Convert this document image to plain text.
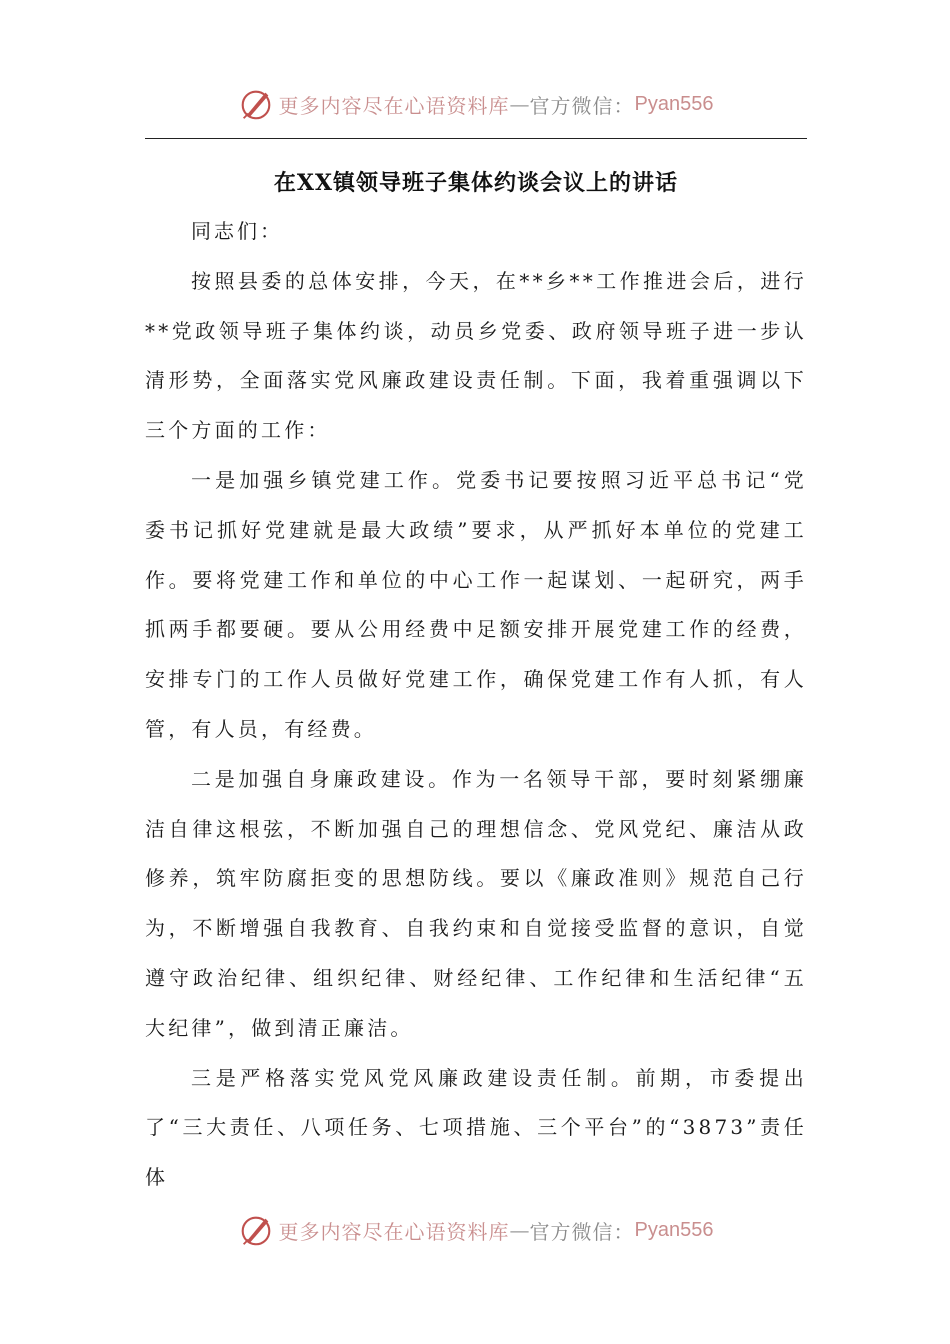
更多内容尽在心语资料库 — 官方微信： Pyan556
在XX镇领导班子集体约谈会议上的讲话

同志们：

按照县委的总体安排，今天，在**乡**工作推进会后，进行**党政领导班子集体约谈，动员乡党委、政府领导班子进一步认清形势，全面落实党风廉政建设责任制。下面，我着重强调以下三个方面的工作：

一是加强乡镇党建工作。党委书记要按照习近平总书记“党委书记抓好党建就是最大政绩”要求，从严抓好本单位的党建工作。要将党建工作和单位的中心工作一起谋划、一起研究，两手抓两手都要硬。要从公用经费中足额安排开展党建工作的经费，安排专门的工作人员做好党建工作，确保党建工作有人抓，有人管，有人员，有经费。

二是加强自身廉政建设。作为一名领导干部，要时刻紧绷廉洁自律这根弦，不断加强自己的理想信念、党风党纪、廉洁从政修养，筑牢防腐拒变的思想防线。要以《廉政准则》规范自己行为，不断增强自我教育、自我约束和自觉接受监督的意识，自觉遵守政治纪律、组织纪律、财经纪律、工作纪律和生活纪律“五大纪律”，做到清正廉洁。

三是严格落实党风党风廉政建设责任制。前期，市委提出了“三大责任、八项任务、七项措施、三个平台”的“3873”责任体

更多内容尽在心语资料库 — 官方微信： Pyan556
